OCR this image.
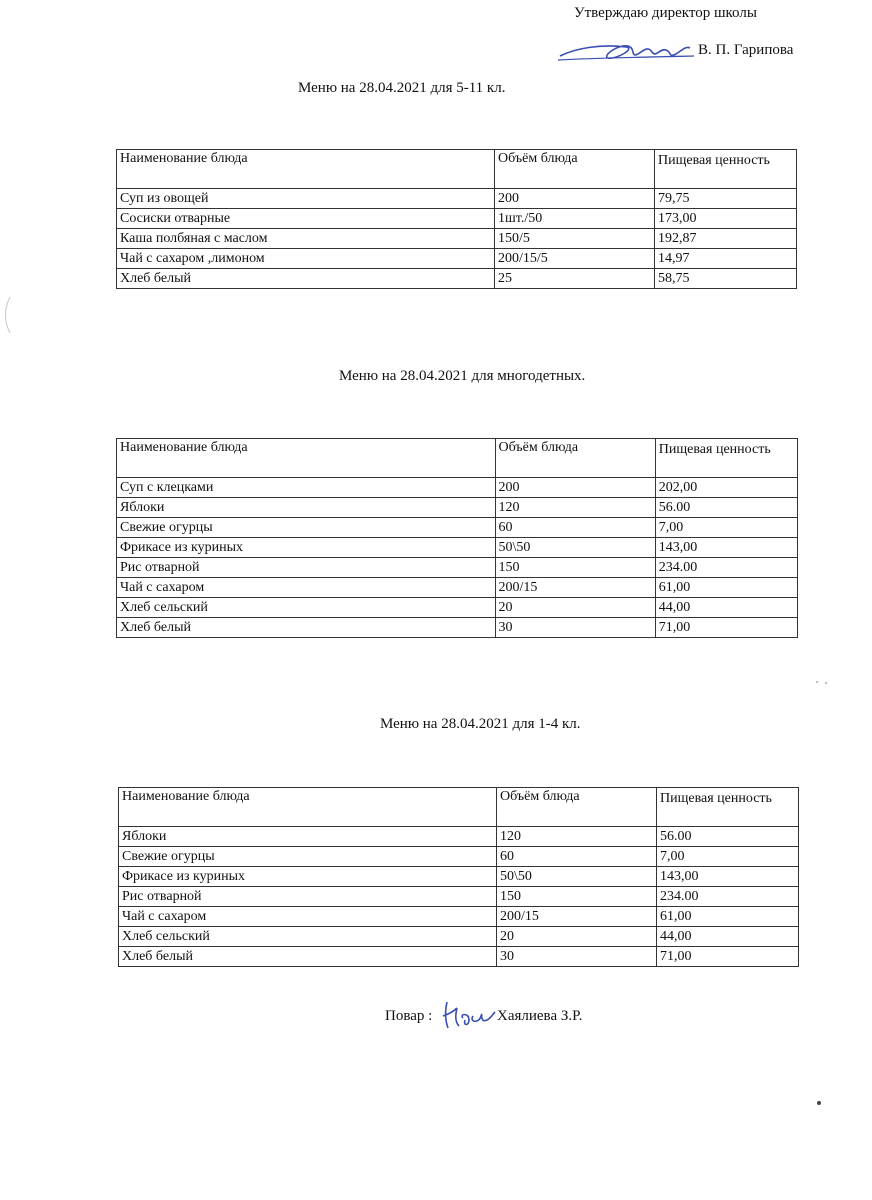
Утверждаю директор школы
В. П. Гарипова
Меню на 28.04.2021 для 5-11 кл.
Наименование блюда	Объём блюда	Пищевая ценность
Суп из овощей	200	79,75
Сосиски отварные	1шт./50	173,00
Каша полбяная с маслом	150/5	192,87
Чай с сахаром ,лимоном	200/15/5	14,97
Хлеб белый	25	58,75
Меню на 28.04.2021 для многодетных.
Наименование блюда	Объём блюда	Пищевая ценность
Суп с клецками	200	202,00
Яблоки	120	56.00
Свежие огурцы	60	7,00
Фрикасе из куриных	50\50	143,00
Рис отварной	150	234.00
Чай с сахаром	200/15	61,00
Хлеб сельский	20	44,00
Хлеб белый	30	71,00
Меню на 28.04.2021 для 1-4 кл.
Наименование блюда	Объём блюда	Пищевая ценность
Яблоки	120	56.00
Свежие огурцы	60	7,00
Фрикасе из куриных	50\50	143,00
Рис отварной	150	234.00
Чай с сахаром	200/15	61,00
Хлеб сельский	20	44,00
Хлеб белый	30	71,00
Повар :	Хаялиева З.Р.
